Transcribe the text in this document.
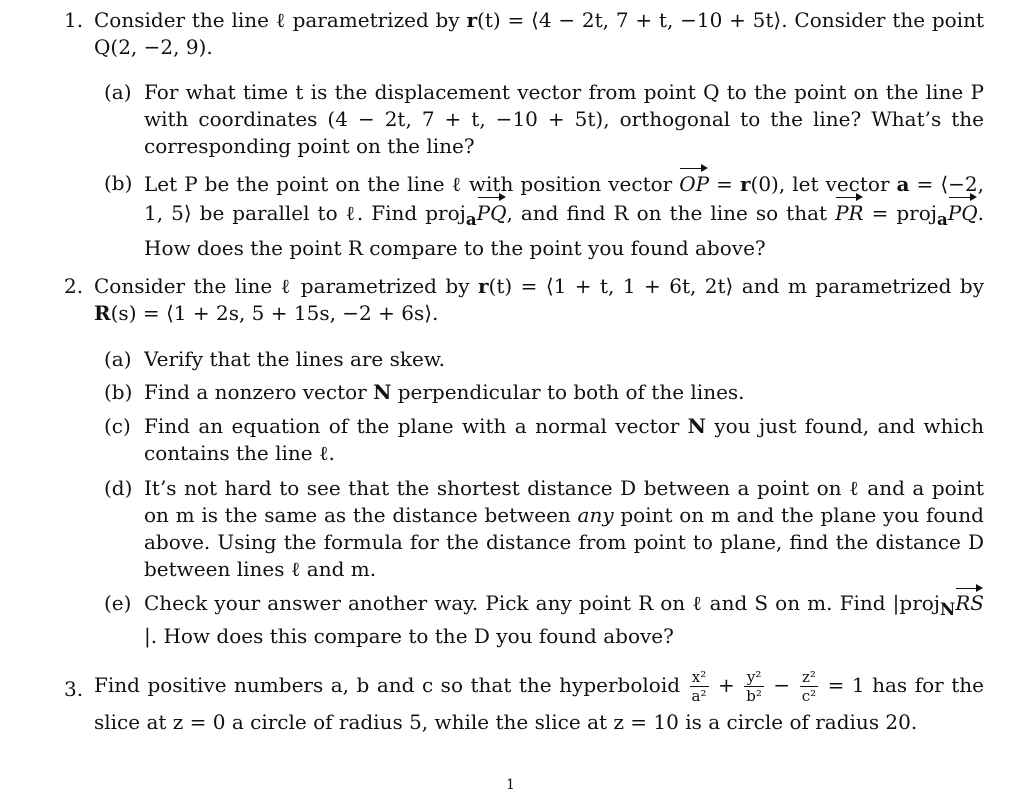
1. Consider the line ℓ parametrized by r(t) = ⟨4 − 2t, 7 + t, −10 + 5t⟩. Consider the point Q(2, −2, 9).
(a) For what time t is the displacement vector from point Q to the point on the line P with coordinates (4 − 2t, 7 + t, −10 + 5t), orthogonal to the line? What’s the corresponding point on the line?
(b) Let P be the point on the line ℓ with position vector OP = r(0), let vector a = ⟨−2, 1, 5⟩ be parallel to ℓ. Find proj$_a$PQ, and find R on the line so that PR = proj$_a$PQ. How does the point R compare to the point you found above?
2. Consider the line ℓ parametrized by r(t) = ⟨1 + t, 1 + 6t, 2t⟩ and m parametrized by R(s) = ⟨1 + 2s, 5 + 15s, −2 + 6s⟩.
(a) Verify that the lines are skew.
(b) Find a nonzero vector N perpendicular to both of the lines.
(c) Find an equation of the plane with a normal vector N you just found, and which contains the line ℓ.
(d) It’s not hard to see that the shortest distance D between a point on ℓ and a point on m is the same as the distance between any point on m and the plane you found above. Using the formula for the distance from point to plane, find the distance D between lines ℓ and m.
(e) Check your answer another way. Pick any point R on ℓ and S on m. Find |proj$_N$RS|. How does this compare to the D you found above?
3. Find positive numbers a, b and c so that the hyperboloid $\frac{\text{x²}}{\text{a²}} + \frac{\text{y²}}{\text{b²}} - \frac{\text{z²}}{\text{c²}} = 1$ has for the slice at z = 0 a circle of radius 5, while the slice at z = 10 is a circle of radius 20.
1
